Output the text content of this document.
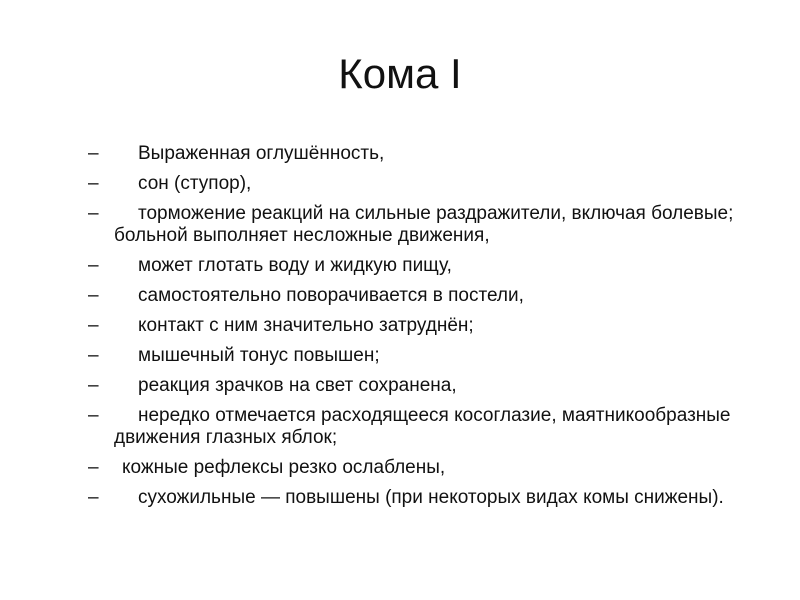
Кома I
– Выраженная оглушённость,
– сон (ступор),
– торможение реакций на сильные раздражители, включая болевые; больной выполняет несложные движения,
– может глотать воду и жидкую пищу,
– самостоятельно поворачивается в постели,
– контакт с ним значительно затруднён;
– мышечный тонус повышен;
– реакция зрачков на свет сохранена,
– нередко отмечается расходящееся косоглазие, маятникообразные движения глазных яблок;
– кожные рефлексы резко ослаблены,
– сухожильные — повышены (при некоторых видах комы снижены).
